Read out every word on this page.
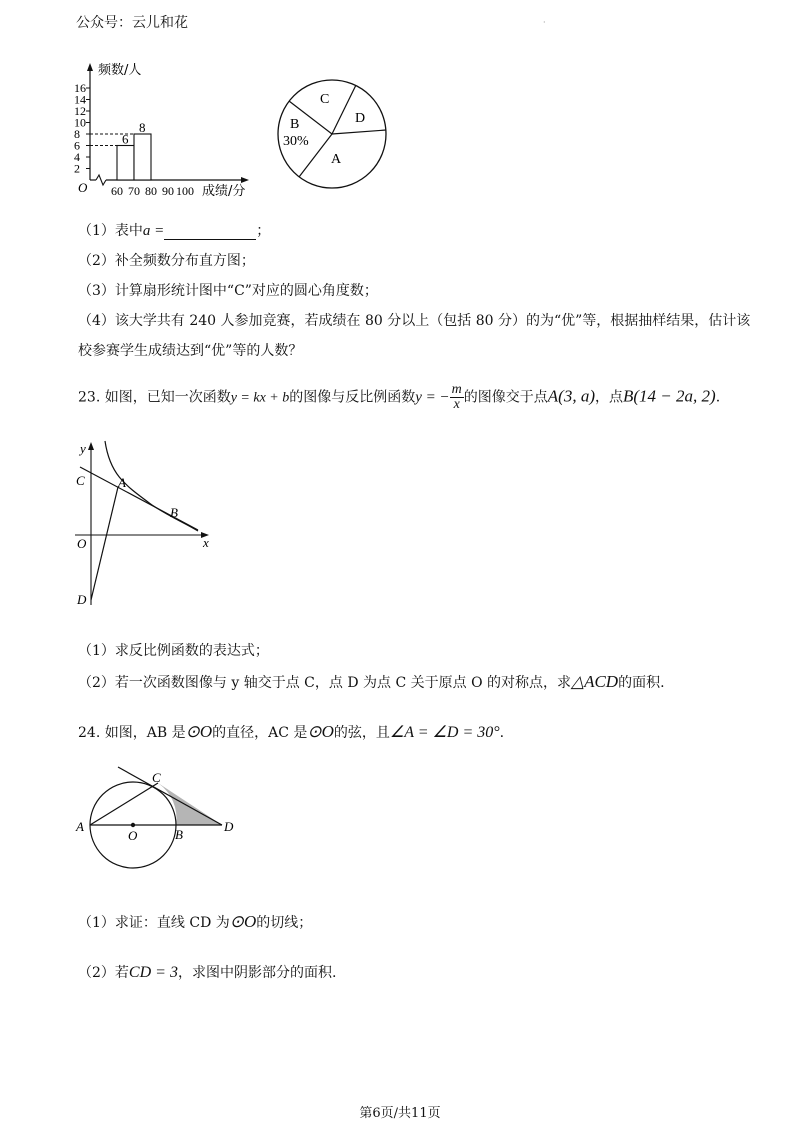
公众号：云儿和花	·
2
4
6
8
10
12
14
16
6
8
频数/人
O 60 70 80 90 100 成绩/分
C
D
B
30%
A
（1）表中a =	；
（2）补全频数分布直方图；
（3）计算扇形统计图中“C”对应的圆心角度数；
（4）该大学共有 240 人参加竞赛，若成绩在 80 分以上（包括 80 分）的为“优”等，根据抽样结果，估计该
校参赛学生成绩达到“优”等的人数？
23. 如图，已知一次函数y = kx + b的图像与反比例函数y = − $\frac{m}{x}$ 的图像交于点A(3, a)，点B(14 − 2a, 2).
y
x
C	A
B
O
D
（1）求反比例函数的表达式；
（2）若一次函数图像与 y 轴交于点 C，点 D 为点 C 关于原点 O 的对称点，求△ACD的面积.
24. 如图，AB 是⊙O的直径，AC 是⊙O的弦，且∠A = ∠D = 30°.
A
C
O	B
D
（1）求证：直线 CD 为⊙O的切线；
（2）若CD = 3，求图中阴影部分的面积.
第6页/共11页
